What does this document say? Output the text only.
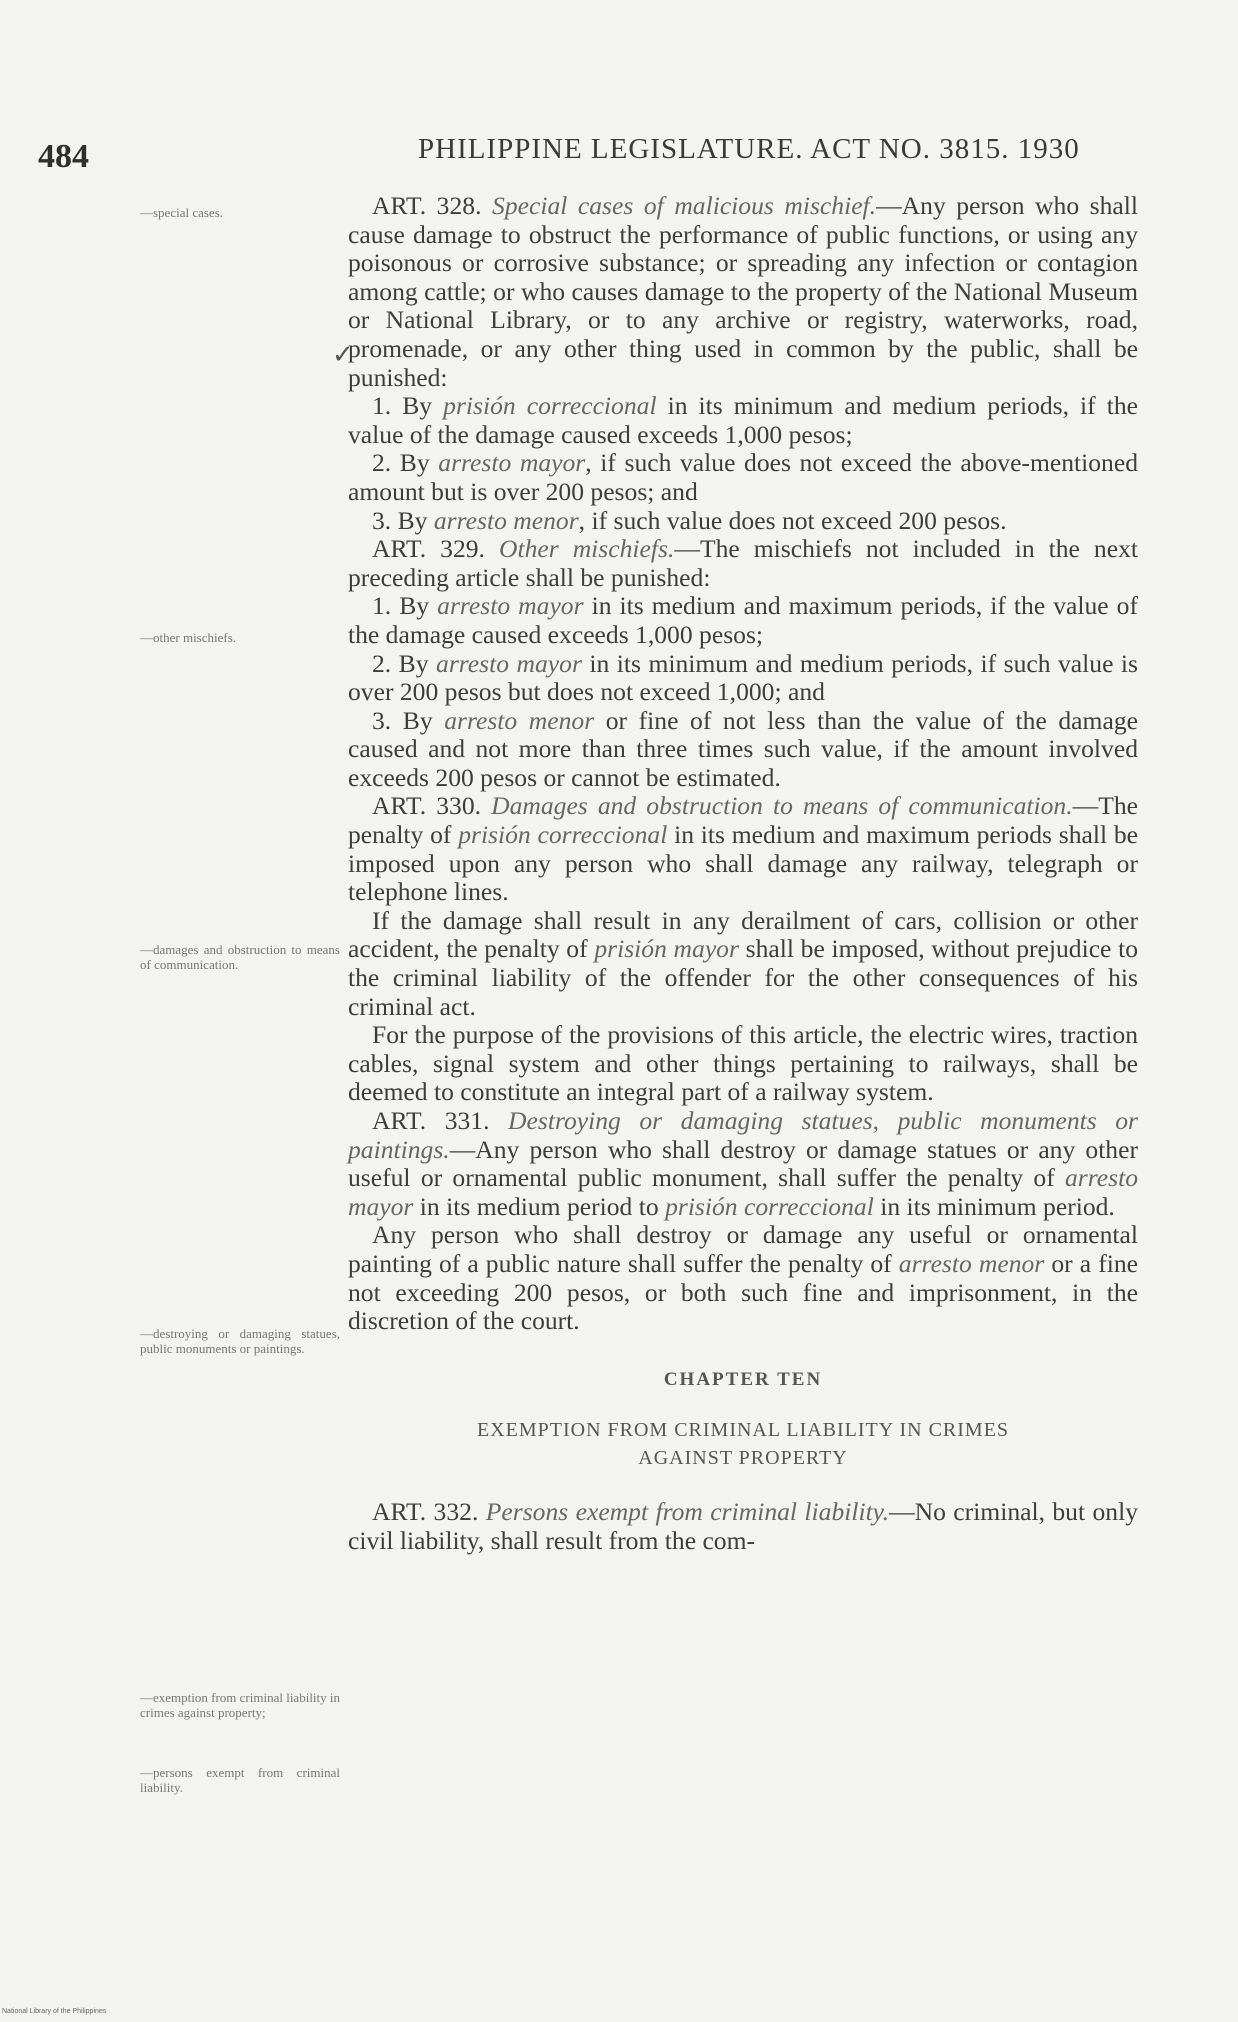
484	PHILIPPINE LEGISLATURE. ACT NO. 3815. 1930
—special cases.
—other mischiefs.
—damages and obstruction to means of communication.
—destroying or damaging statues, public monuments or paintings.
—exemption from criminal liability in crimes against property;
—persons exempt from criminal liability.
✓

ART. 328. Special cases of malicious mischief.—Any person who shall cause damage to obstruct the performance of public functions, or using any poisonous or corrosive substance; or spreading any infection or contagion among cattle; or who causes damage to the property of the National Museum or National Library, or to any archive or registry, waterworks, road, promenade, or any other thing used in common by the public, shall be punished:

1. By prisión correccional in its minimum and medium periods, if the value of the damage caused exceeds 1,000 pesos;

2. By arresto mayor, if such value does not exceed the above-mentioned amount but is over 200 pesos; and

3. By arresto menor, if such value does not exceed 200 pesos.

ART. 329. Other mischiefs.—The mischiefs not included in the next preceding article shall be punished:

1. By arresto mayor in its medium and maximum periods, if the value of the damage caused exceeds 1,000 pesos;

2. By arresto mayor in its minimum and medium periods, if such value is over 200 pesos but does not exceed 1,000; and

3. By arresto menor or fine of not less than the value of the damage caused and not more than three times such value, if the amount involved exceeds 200 pesos or cannot be estimated.

ART. 330. Damages and obstruction to means of communication.—The penalty of prisión correccional in its medium and maximum periods shall be imposed upon any person who shall damage any railway, telegraph or telephone lines.

If the damage shall result in any derailment of cars, collision or other accident, the penalty of prisión mayor shall be imposed, without prejudice to the criminal liability of the offender for the other consequences of his criminal act.

For the purpose of the provisions of this article, the electric wires, traction cables, signal system and other things pertaining to railways, shall be deemed to constitute an integral part of a railway system.

ART. 331. Destroying or damaging statues, public monuments or paintings.—Any person who shall destroy or damage statues or any other useful or ornamental public monument, shall suffer the penalty of arresto mayor in its medium period to prisión correccional in its minimum period.

Any person who shall destroy or damage any useful or ornamental painting of a public nature shall suffer the penalty of arresto menor or a fine not exceeding 200 pesos, or both such fine and imprisonment, in the discretion of the court.

CHAPTER TEN

EXEMPTION FROM CRIMINAL LIABILITY IN CRIMES
AGAINST PROPERTY

ART. 332. Persons exempt from criminal liability.—No criminal, but only civil liability, shall result from the com-

National Library of the Philippines
